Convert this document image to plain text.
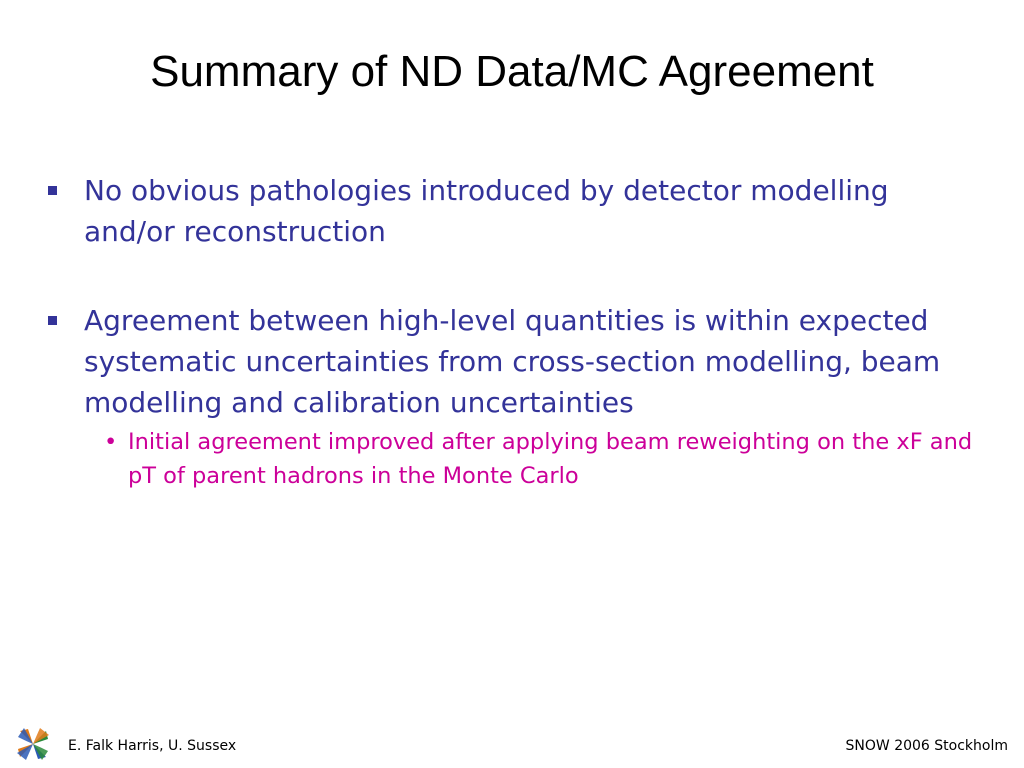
Summary of ND Data/MC Agreement
No obvious pathologies introduced by detector modelling and/or reconstruction
Agreement between high-level quantities is within expected systematic uncertainties from cross-section modelling, beam modelling and calibration uncertainties
• Initial agreement improved after applying beam reweighting on the xF and pT of parent hadrons in the Monte Carlo
E. Falk Harris, U. Sussex	SNOW 2006 Stockholm
